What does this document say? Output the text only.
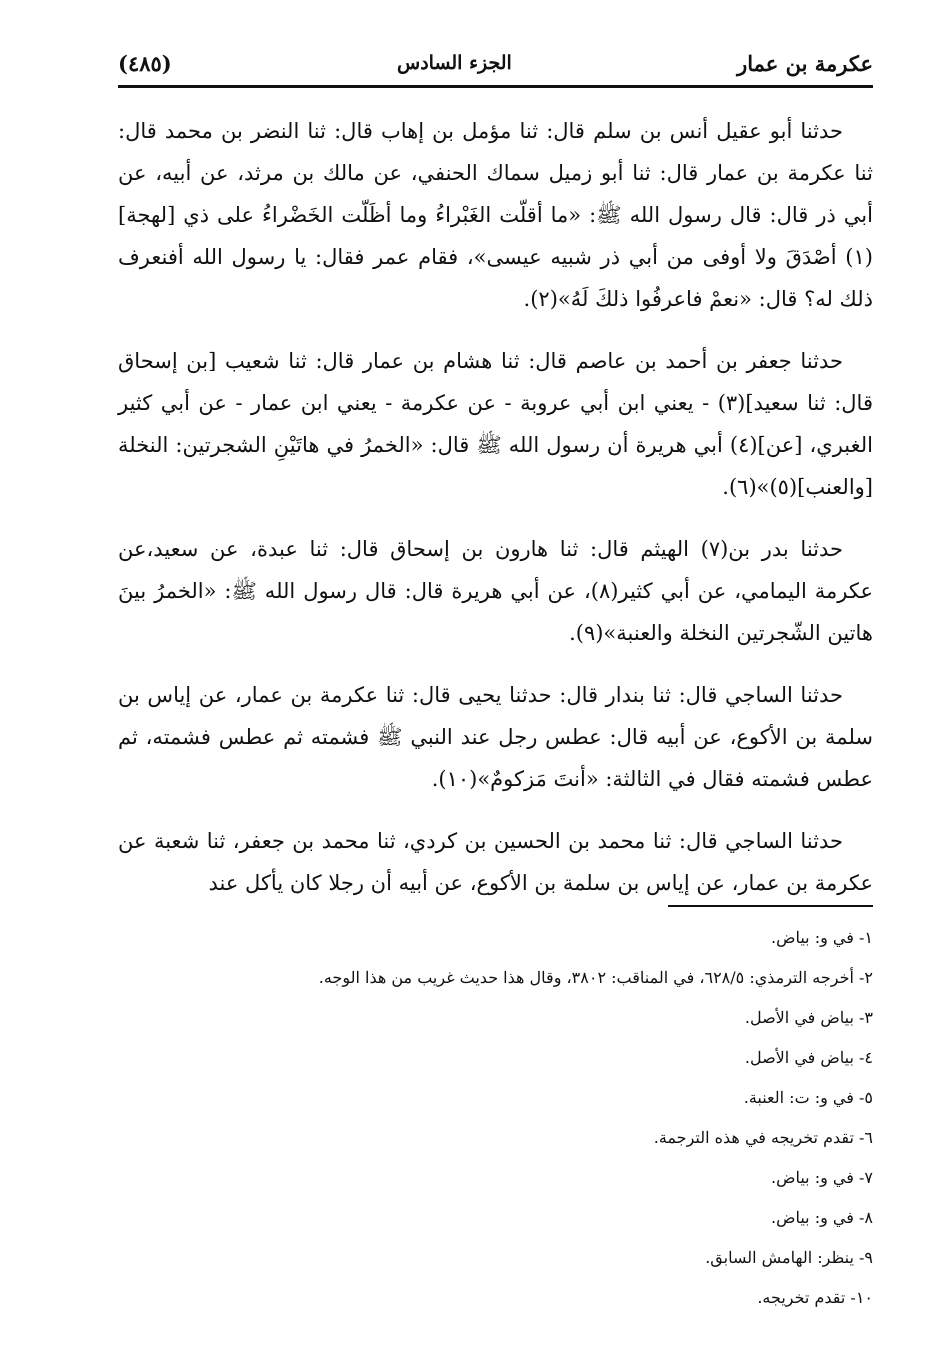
عكرمة بن عمار
الجزء السادس
(٤٨٥)

حدثنا أبو عقيل أنس بن سلم قال: ثنا مؤمل بن إهاب قال: ثنا النضر بن محمد قال: ثنا عكرمة بن عمار قال: ثنا أبو زميل سماك الحنفي، عن مالك بن مرثد، عن أبيه، عن أبي ذر قال: قال رسول الله ﷺ: «ما أقلّت الغَبْراءُ وما أظَلّت الخَضْراءُ على ذي [لهجة](١) أصْدَقَ ولا أوفى من أبي ذر شبيه عيسى»، فقام عمر فقال: يا رسول الله أفنعرف ذلك له؟ قال: «نعمْ فاعرفُوا ذلكَ لَهُ»(٢).

حدثنا جعفر بن أحمد بن عاصم قال: ثنا هشام بن عمار قال: ثنا شعيب [بن إسحاق قال: ثنا سعيد](٣) - يعني ابن أبي عروبة - عن عكرمة - يعني ابن عمار - عن أبي كثير الغبري، [عن](٤) أبي هريرة أن رسول الله ﷺ قال: «الخمرُ في هاتَيْنِ الشجرتين: النخلة [والعنب](٥)»(٦).

حدثنا بدر بن(٧) الهيثم قال: ثنا هارون بن إسحاق قال: ثنا عبدة، عن سعيد،عن عكرمة اليمامي، عن أبي كثير(٨)، عن أبي هريرة قال: قال رسول الله ﷺ: «الخمرُ بينَ هاتين الشّجرتين النخلة والعنبة»(٩).

حدثنا الساجي قال: ثنا بندار قال: حدثنا يحيى قال: ثنا عكرمة بن عمار، عن إياس بن سلمة بن الأكوع، عن أبيه قال: عطس رجل عند النبي ﷺ فشمته ثم عطس فشمته، ثم عطس فشمته فقال في الثالثة: «أنتَ مَزكومٌ»(١٠).

حدثنا الساجي قال: ثنا محمد بن الحسين بن كردي، ثنا محمد بن جعفر، ثنا شعبة عن عكرمة بن عمار، عن إياس بن سلمة بن الأكوع، عن أبيه أن رجلا كان يأكل عند

١- في و: بياض.

٢- أخرجه الترمذي: ٦٢٨/٥، في المناقب: ٣٨٠٢، وقال هذا حديث غريب من هذا الوجه.

٣- بياض في الأصل.

٤- بياض في الأصل.

٥- في و: ت: العنبة.

٦- تقدم تخريجه في هذه الترجمة.

٧- في و: بياض.

٨- في و: بياض.

٩- ينظر: الهامش السابق.

١٠- تقدم تخريجه.
